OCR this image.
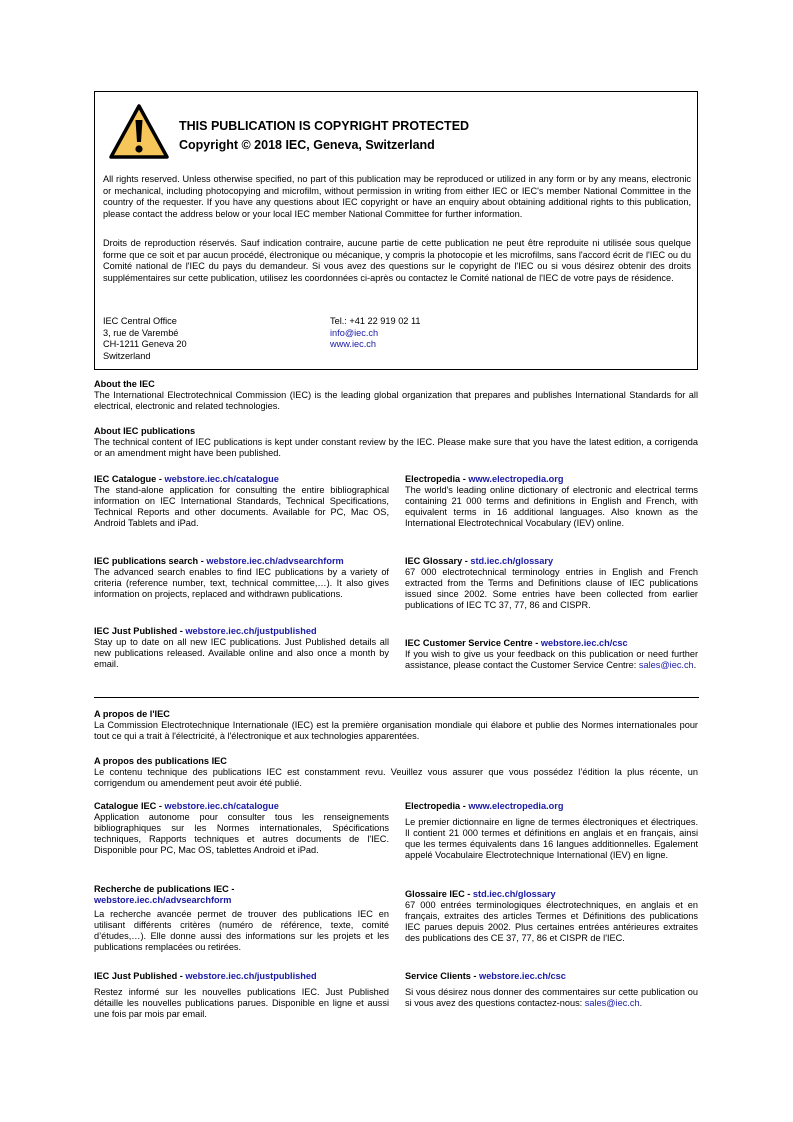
THIS PUBLICATION IS COPYRIGHT PROTECTED
Copyright © 2018 IEC, Geneva, Switzerland

All rights reserved. Unless otherwise specified, no part of this publication may be reproduced or utilized in any form or by any means, electronic or mechanical, including photocopying and microfilm, without permission in writing from either IEC or IEC's member National Committee in the country of the requester. If you have any questions about IEC copyright or have an enquiry about obtaining additional rights to this publication, please contact the address below or your local IEC member National Committee for further information.

Droits de reproduction réservés. Sauf indication contraire, aucune partie de cette publication ne peut être reproduite ni utilisée sous quelque forme que ce soit et par aucun procédé, électronique ou mécanique, y compris la photocopie et les microfilms, sans l'accord écrit de l'IEC ou du Comité national de l'IEC du pays du demandeur. Si vous avez des questions sur le copyright de l'IEC ou si vous désirez obtenir des droits supplémentaires sur cette publication, utilisez les coordonnées ci-après ou contactez le Comité national de l'IEC de votre pays de résidence.

IEC Central Office
3, rue de Varembé
CH-1211 Geneva 20
Switzerland
Tel.: +41 22 919 02 11
info@iec.ch
www.iec.ch
About the IEC
The International Electrotechnical Commission (IEC) is the leading global organization that prepares and publishes International Standards for all electrical, electronic and related technologies.
About IEC publications
The technical content of IEC publications is kept under constant review by the IEC. Please make sure that you have the latest edition, a corrigenda or an amendment might have been published.
IEC Catalogue - webstore.iec.ch/catalogue
The stand-alone application for consulting the entire bibliographical information on IEC International Standards, Technical Specifications, Technical Reports and other documents. Available for PC, Mac OS, Android Tablets and iPad.
IEC publications search - webstore.iec.ch/advsearchform
The advanced search enables to find IEC publications by a variety of criteria (reference number, text, technical committee,…). It also gives information on projects, replaced and withdrawn publications.
IEC Just Published - webstore.iec.ch/justpublished
Stay up to date on all new IEC publications. Just Published details all new publications released. Available online and also once a month by email.
Electropedia - www.electropedia.org
The world's leading online dictionary of electronic and electrical terms containing 21 000 terms and definitions in English and French, with equivalent terms in 16 additional languages. Also known as the International Electrotechnical Vocabulary (IEV) online.
IEC Glossary - std.iec.ch/glossary
67 000 electrotechnical terminology entries in English and French extracted from the Terms and Definitions clause of IEC publications issued since 2002. Some entries have been collected from earlier publications of IEC TC 37, 77, 86 and CISPR.
IEC Customer Service Centre - webstore.iec.ch/csc
If you wish to give us your feedback on this publication or need further assistance, please contact the Customer Service Centre: sales@iec.ch.
A propos de l'IEC
La Commission Electrotechnique Internationale (IEC) est la première organisation mondiale qui élabore et publie des Normes internationales pour tout ce qui a trait à l'électricité, à l'électronique et aux technologies apparentées.
A propos des publications IEC
Le contenu technique des publications IEC est constamment revu. Veuillez vous assurer que vous possédez l’édition la plus récente, un corrigendum ou amendement peut avoir été publié.
Catalogue IEC - webstore.iec.ch/catalogue
Application autonome pour consulter tous les renseignements bibliographiques sur les Normes internationales, Spécifications techniques, Rapports techniques et autres documents de l'IEC. Disponible pour PC, Mac OS, tablettes Android et iPad.
Recherche de publications IEC -
webstore.iec.ch/advsearchform
La recherche avancée permet de trouver des publications IEC en utilisant différents critères (numéro de référence, texte, comité d’études,…). Elle donne aussi des informations sur les projets et les publications remplacées ou retirées.
IEC Just Published - webstore.iec.ch/justpublished
Restez informé sur les nouvelles publications IEC. Just Published détaille les nouvelles publications parues. Disponible en ligne et aussi une fois par mois par email.
Electropedia - www.electropedia.org
Le premier dictionnaire en ligne de termes électroniques et électriques. Il contient 21 000 termes et définitions en anglais et en français, ainsi que les termes équivalents dans 16 langues additionnelles. Egalement appelé Vocabulaire Electrotechnique International (IEV) en ligne.
Glossaire IEC - std.iec.ch/glossary
67 000 entrées terminologiques électrotechniques, en anglais et en français, extraites des articles Termes et Définitions des publications IEC parues depuis 2002. Plus certaines entrées antérieures extraites des publications des CE 37, 77, 86 et CISPR de l'IEC.
Service Clients - webstore.iec.ch/csc
Si vous désirez nous donner des commentaires sur cette publication ou si vous avez des questions contactez-nous: sales@iec.ch.
